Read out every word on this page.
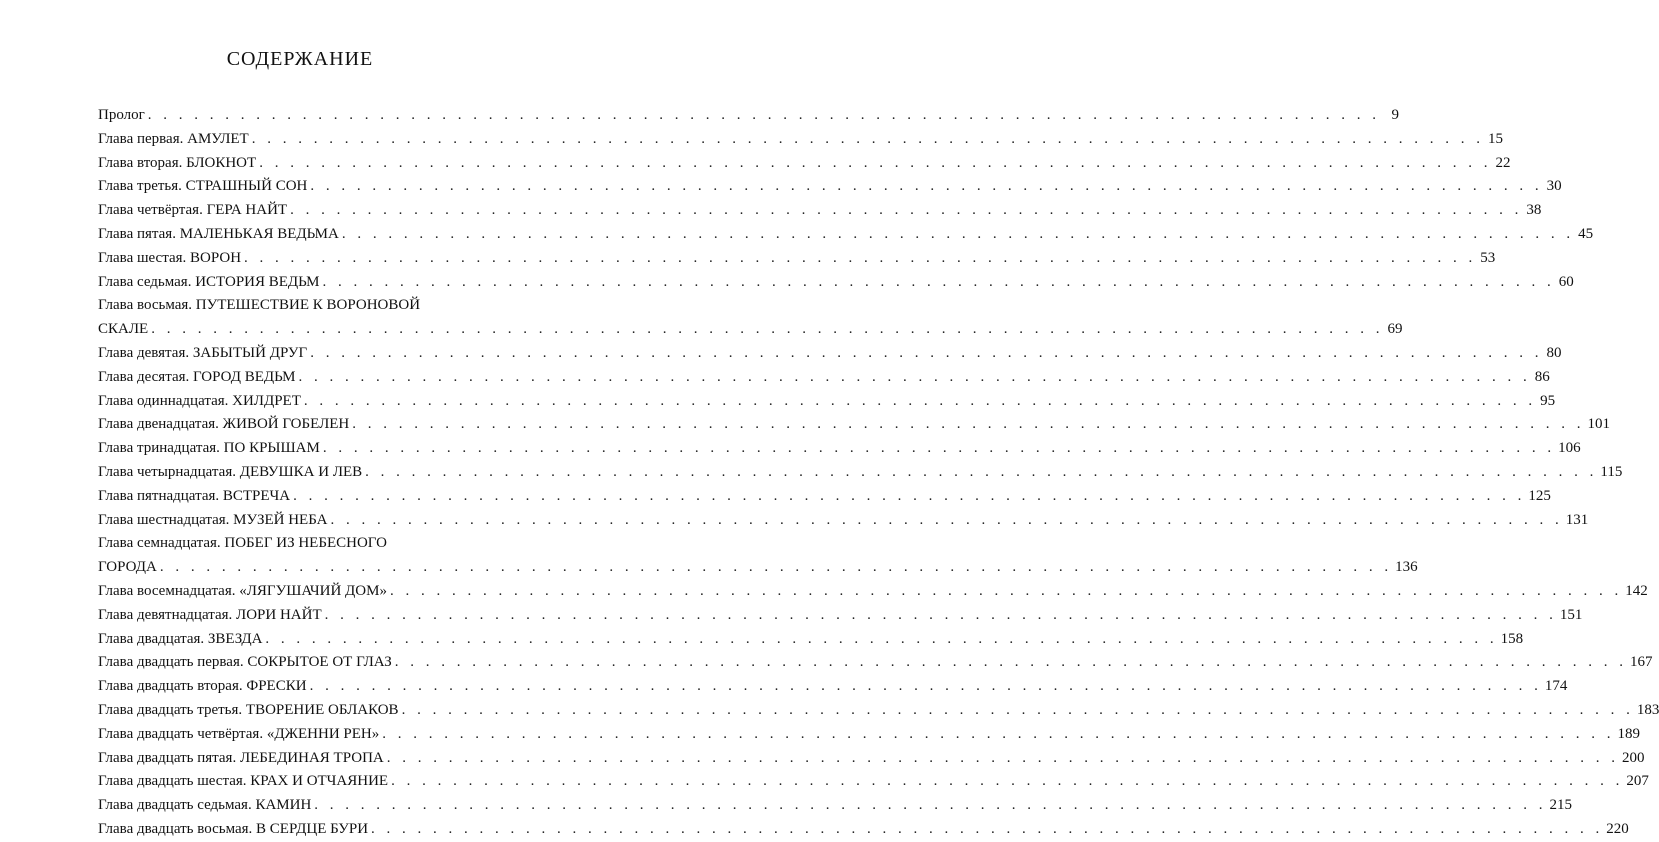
СОДЕРЖАНИЕ
Пролог . . . . . . . . . . . . . . . . . . . . . . . . . . . . . . . . . . . . . . . . . . . . . . . . . . . . . . . . . . . . . . . . . . . . . . . . . . . . . . . . 9
Глава первая. АМУЛЕТ . . . . . . . . . . . . . . . . . . . . . . . . . . . . . . . . . . . . . . . . . . . . . . . . . . . . . . . . . . . . . . . . . . . . . . . . . . . . . . . . 15
Глава вторая. БЛОКНОТ . . . . . . . . . . . . . . . . . . . . . . . . . . . . . . . . . . . . . . . . . . . . . . . . . . . . . . . . . . . . . . . . . . . . . . . . . . . . . . . . 22
Глава третья. СТРАШНЫЙ СОН . . . . . . . . . . . . . . . . . . . . . . . . . . . . . . . . . . . . . . . . . . . . . . . . . . . . . . . . . . . . . . . . . . . . . . . . . . . . . . . . 30
Глава четвёртая. ГЕРА НАЙТ . . . . . . . . . . . . . . . . . . . . . . . . . . . . . . . . . . . . . . . . . . . . . . . . . . . . . . . . . . . . . . . . . . . . . . . . . . . . . . . . 38
Глава пятая. МАЛЕНЬКАЯ ВЕДЬМА . . . . . . . . . . . . . . . . . . . . . . . . . . . . . . . . . . . . . . . . . . . . . . . . . . . . . . . . . . . . . . . . . . . . . . . . . . . . . . . . 45
Глава шестая. ВОРОН . . . . . . . . . . . . . . . . . . . . . . . . . . . . . . . . . . . . . . . . . . . . . . . . . . . . . . . . . . . . . . . . . . . . . . . . . . . . . . . . 53
Глава седьмая. ИСТОРИЯ ВЕДЬМ . . . . . . . . . . . . . . . . . . . . . . . . . . . . . . . . . . . . . . . . . . . . . . . . . . . . . . . . . . . . . . . . . . . . . . . . . . . . . . . . 60
Глава восьмая. ПУТЕШЕСТВИЕ К ВОРОНОВОЙ
СКАЛЕ . . . . . . . . . . . . . . . . . . . . . . . . . . . . . . . . . . . . . . . . . . . . . . . . . . . . . . . . . . . . . . . . . . . . . . . . . . . . . . . . 69
Глава девятая. ЗАБЫТЫЙ ДРУГ . . . . . . . . . . . . . . . . . . . . . . . . . . . . . . . . . . . . . . . . . . . . . . . . . . . . . . . . . . . . . . . . . . . . . . . . . . . . . . . . 80
Глава десятая. ГОРОД ВЕДЬМ . . . . . . . . . . . . . . . . . . . . . . . . . . . . . . . . . . . . . . . . . . . . . . . . . . . . . . . . . . . . . . . . . . . . . . . . . . . . . . . . 86
Глава одиннадцатая. ХИЛДРЕТ . . . . . . . . . . . . . . . . . . . . . . . . . . . . . . . . . . . . . . . . . . . . . . . . . . . . . . . . . . . . . . . . . . . . . . . . . . . . . . . . 95
Глава двенадцатая. ЖИВОЙ ГОБЕЛЕН . . . . . . . . . . . . . . . . . . . . . . . . . . . . . . . . . . . . . . . . . . . . . . . . . . . . . . . . . . . . . . . . . . . . . . . . . . . . . . . . 101
Глава тринадцатая. ПО КРЫШАМ . . . . . . . . . . . . . . . . . . . . . . . . . . . . . . . . . . . . . . . . . . . . . . . . . . . . . . . . . . . . . . . . . . . . . . . . . . . . . . . . 106
Глава четырнадцатая. ДЕВУШКА И ЛЕВ . . . . . . . . . . . . . . . . . . . . . . . . . . . . . . . . . . . . . . . . . . . . . . . . . . . . . . . . . . . . . . . . . . . . . . . . . . . . . . . . 115
Глава пятнадцатая. ВСТРЕЧА . . . . . . . . . . . . . . . . . . . . . . . . . . . . . . . . . . . . . . . . . . . . . . . . . . . . . . . . . . . . . . . . . . . . . . . . . . . . . . . . 125
Глава шестнадцатая. МУЗЕЙ НЕБА . . . . . . . . . . . . . . . . . . . . . . . . . . . . . . . . . . . . . . . . . . . . . . . . . . . . . . . . . . . . . . . . . . . . . . . . . . . . . . . . 131
Глава семнадцатая. ПОБЕГ ИЗ НЕБЕСНОГО
ГОРОДА . . . . . . . . . . . . . . . . . . . . . . . . . . . . . . . . . . . . . . . . . . . . . . . . . . . . . . . . . . . . . . . . . . . . . . . . . . . . . . . . 136
Глава восемнадцатая. «ЛЯГУШАЧИЙ ДОМ» . . . . . . . . . . . . . . . . . . . . . . . . . . . . . . . . . . . . . . . . . . . . . . . . . . . . . . . . . . . . . . . . . . . . . . . . . . . . . . . . 142
Глава девятнадцатая. ЛОРИ НАЙТ . . . . . . . . . . . . . . . . . . . . . . . . . . . . . . . . . . . . . . . . . . . . . . . . . . . . . . . . . . . . . . . . . . . . . . . . . . . . . . . . 151
Глава двадцатая. ЗВЕЗДА . . . . . . . . . . . . . . . . . . . . . . . . . . . . . . . . . . . . . . . . . . . . . . . . . . . . . . . . . . . . . . . . . . . . . . . . . . . . . . . . 158
Глава двадцать первая. СОКРЫТОЕ ОТ ГЛАЗ . . . . . . . . . . . . . . . . . . . . . . . . . . . . . . . . . . . . . . . . . . . . . . . . . . . . . . . . . . . . . . . . . . . . . . . . . . . . . . . . 167
Глава двадцать вторая. ФРЕСКИ . . . . . . . . . . . . . . . . . . . . . . . . . . . . . . . . . . . . . . . . . . . . . . . . . . . . . . . . . . . . . . . . . . . . . . . . . . . . . . . . 174
Глава двадцать третья. ТВОРЕНИЕ ОБЛАКОВ . . . . . . . . . . . . . . . . . . . . . . . . . . . . . . . . . . . . . . . . . . . . . . . . . . . . . . . . . . . . . . . . . . . . . . . . . . . . . . . . 183
Глава двадцать четвёртая. «ДЖЕННИ РЕН» . . . . . . . . . . . . . . . . . . . . . . . . . . . . . . . . . . . . . . . . . . . . . . . . . . . . . . . . . . . . . . . . . . . . . . . . . . . . . . . . 189
Глава двадцать пятая. ЛЕБЕДИНАЯ ТРОПА . . . . . . . . . . . . . . . . . . . . . . . . . . . . . . . . . . . . . . . . . . . . . . . . . . . . . . . . . . . . . . . . . . . . . . . . . . . . . . . . 200
Глава двадцать шестая. КРАХ И ОТЧАЯНИЕ . . . . . . . . . . . . . . . . . . . . . . . . . . . . . . . . . . . . . . . . . . . . . . . . . . . . . . . . . . . . . . . . . . . . . . . . . . . . . . . . 207
Глава двадцать седьмая. КАМИН . . . . . . . . . . . . . . . . . . . . . . . . . . . . . . . . . . . . . . . . . . . . . . . . . . . . . . . . . . . . . . . . . . . . . . . . . . . . . . . . 215
Глава двадцать восьмая. В СЕРДЦЕ БУРИ . . . . . . . . . . . . . . . . . . . . . . . . . . . . . . . . . . . . . . . . . . . . . . . . . . . . . . . . . . . . . . . . . . . . . . . . . . . . . . . . 220
